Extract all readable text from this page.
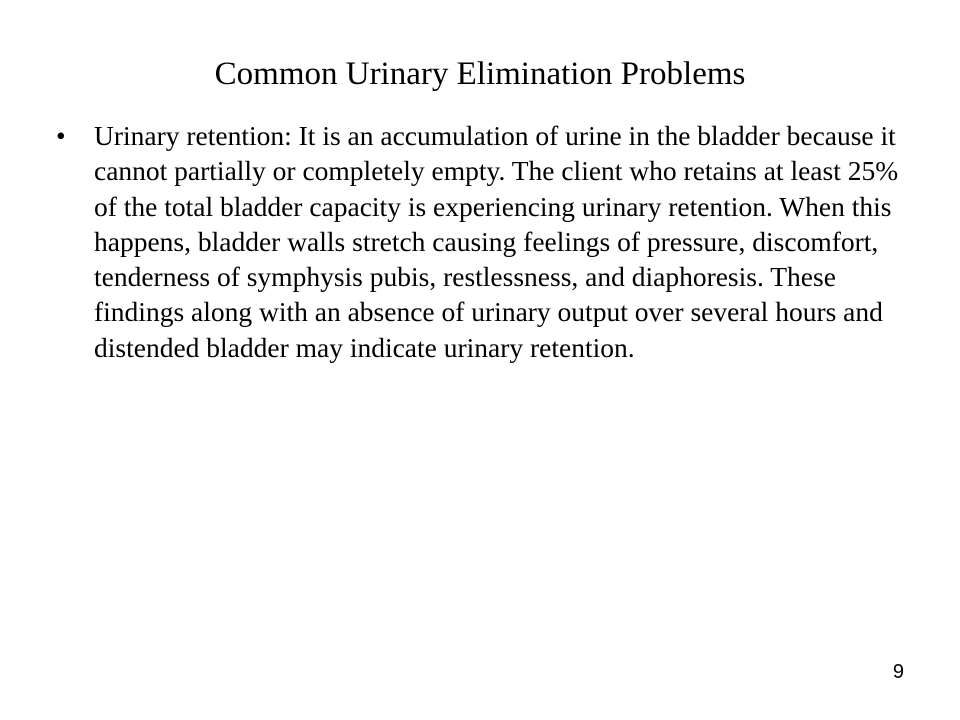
Common Urinary Elimination Problems
•	Urinary retention: It is an accumulation of urine in the bladder because it cannot partially or completely empty. The client who retains at least 25% of the total bladder capacity is experiencing urinary retention. When this happens, bladder walls stretch causing feelings of pressure, discomfort, tenderness of symphysis pubis, restlessness, and diaphoresis. These findings along with an absence of urinary output over several hours and distended bladder may indicate urinary retention.
9
